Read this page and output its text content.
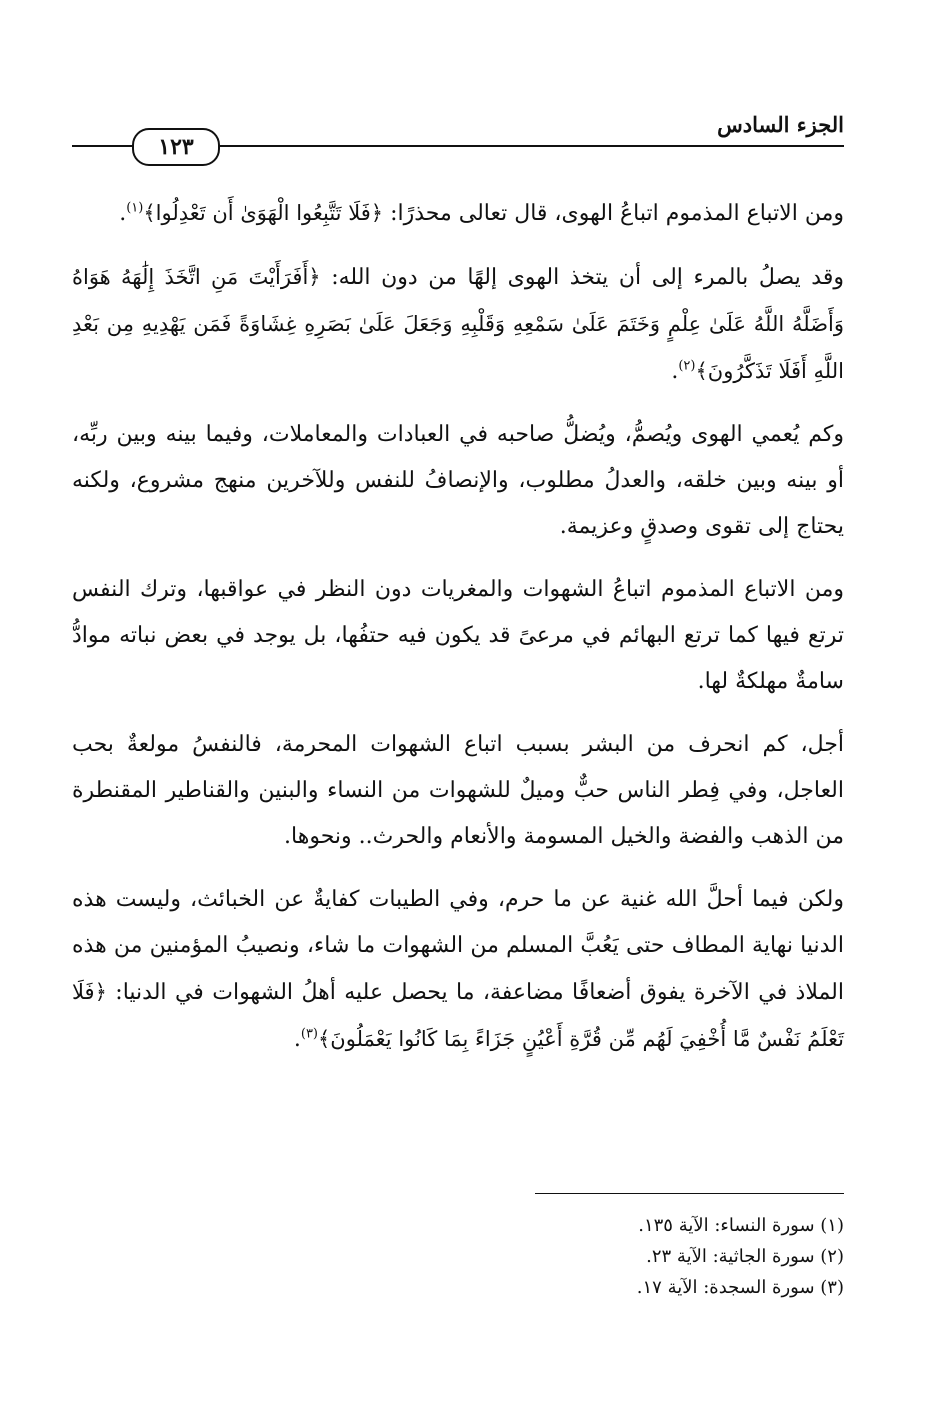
الجزء السادس
١٢٣

ومن الاتباع المذموم اتباعُ الهوى، قال تعالى محذرًا: ﴿فَلَا تَتَّبِعُوا الْهَوَىٰ أَن تَعْدِلُوا﴾$^{(١)}$.

وقد يصلُ بالمرء إلى أن يتخذ الهوى إلهًا من دون الله: ﴿أَفَرَأَيْتَ مَنِ اتَّخَذَ إِلَٰهَهُ هَوَاهُ وَأَضَلَّهُ اللَّهُ عَلَىٰ عِلْمٍ وَخَتَمَ عَلَىٰ سَمْعِهِ وَقَلْبِهِ وَجَعَلَ عَلَىٰ بَصَرِهِ غِشَاوَةً فَمَن يَهْدِيهِ مِن بَعْدِ اللَّهِ أَفَلَا تَذَكَّرُونَ﴾$^{(٢)}$.

وكم يُعمي الهوى ويُصمُّ، ويُضلُّ صاحبه في العبادات والمعاملات، وفيما بينه وبين ربِّه، أو بينه وبين خلقه، والعدلُ مطلوب، والإنصافُ للنفس وللآخرين منهج مشروع، ولكنه يحتاج إلى تقوى وصدقٍ وعزيمة.

ومن الاتباع المذموم اتباعُ الشهوات والمغريات دون النظر في عواقبها، وترك النفس ترتع فيها كما ترتع البهائم في مرعىً قد يكون فيه حتفُها، بل يوجد في بعض نباته موادُّ سامةٌ مهلكةٌ لها.

أجل، كم انحرف من البشر بسبب اتباع الشهوات المحرمة، فالنفسُ مولعةٌ بحب العاجل، وفي فِطر الناس حبٌّ وميلٌ للشهوات من النساء والبنين والقناطير المقنطرة من الذهب والفضة والخيل المسومة والأنعام والحرث.. ونحوها.

ولكن فيما أحلَّ الله غنية عن ما حرم، وفي الطيبات كفايةٌ عن الخبائث، وليست هذه الدنيا نهاية المطاف حتى يَعُبَّ المسلم من الشهوات ما شاء، ونصيبُ المؤمنين من هذه الملاذ في الآخرة يفوق أضعافًا مضاعفة، ما يحصل عليه أهلُ الشهوات في الدنيا: ﴿فَلَا تَعْلَمُ نَفْسٌ مَّا أُخْفِيَ لَهُم مِّن قُرَّةِ أَعْيُنٍ جَزَاءً بِمَا كَانُوا يَعْمَلُونَ﴾$^{(٣)}$.

(١) سورة النساء: الآية ١٣٥.
(٢) سورة الجاثية: الآية ٢٣.
(٣) سورة السجدة: الآية ١٧.
